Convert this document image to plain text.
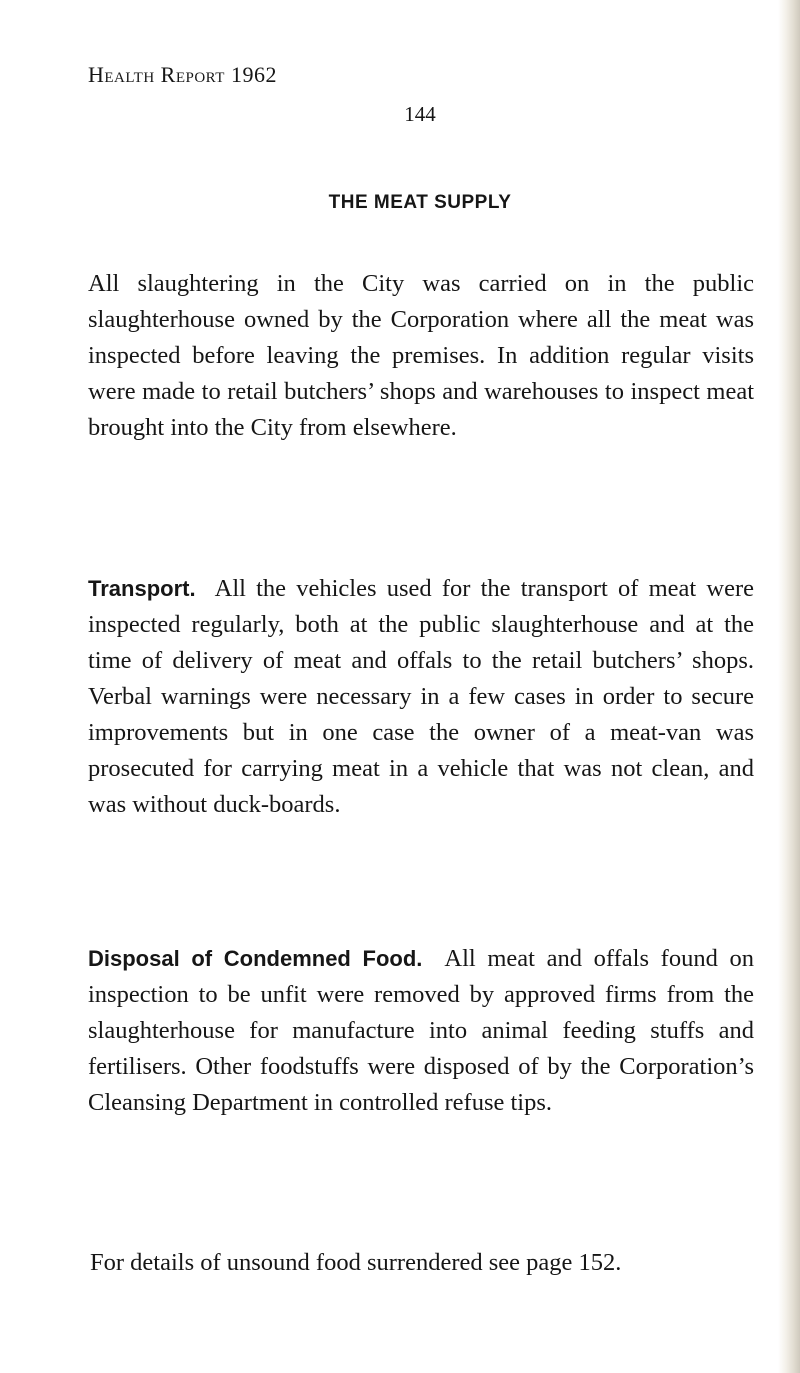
Health Report 1962
144
THE MEAT SUPPLY

All slaughtering in the City was carried on in the public slaughterhouse owned by the Corporation where all the meat was inspected before leaving the premises. In addition regular visits were made to retail butchers’ shops and warehouses to inspect meat brought into the City from elsewhere.

Transport. All the vehicles used for the transport of meat were inspected regularly, both at the public slaughterhouse and at the time of delivery of meat and offals to the retail butchers’ shops. Verbal warnings were necessary in a few cases in order to secure improvements but in one case the owner of a meat-van was prosecuted for carrying meat in a vehicle that was not clean, and was without duck-boards.

Disposal of Condemned Food. All meat and offals found on inspection to be unfit were removed by approved firms from the slaughterhouse for manufacture into animal feeding stuffs and fertilisers. Other foodstuffs were disposed of by the Corporation’s Cleansing Department in controlled refuse tips.

For details of unsound food surrendered see page 152.
